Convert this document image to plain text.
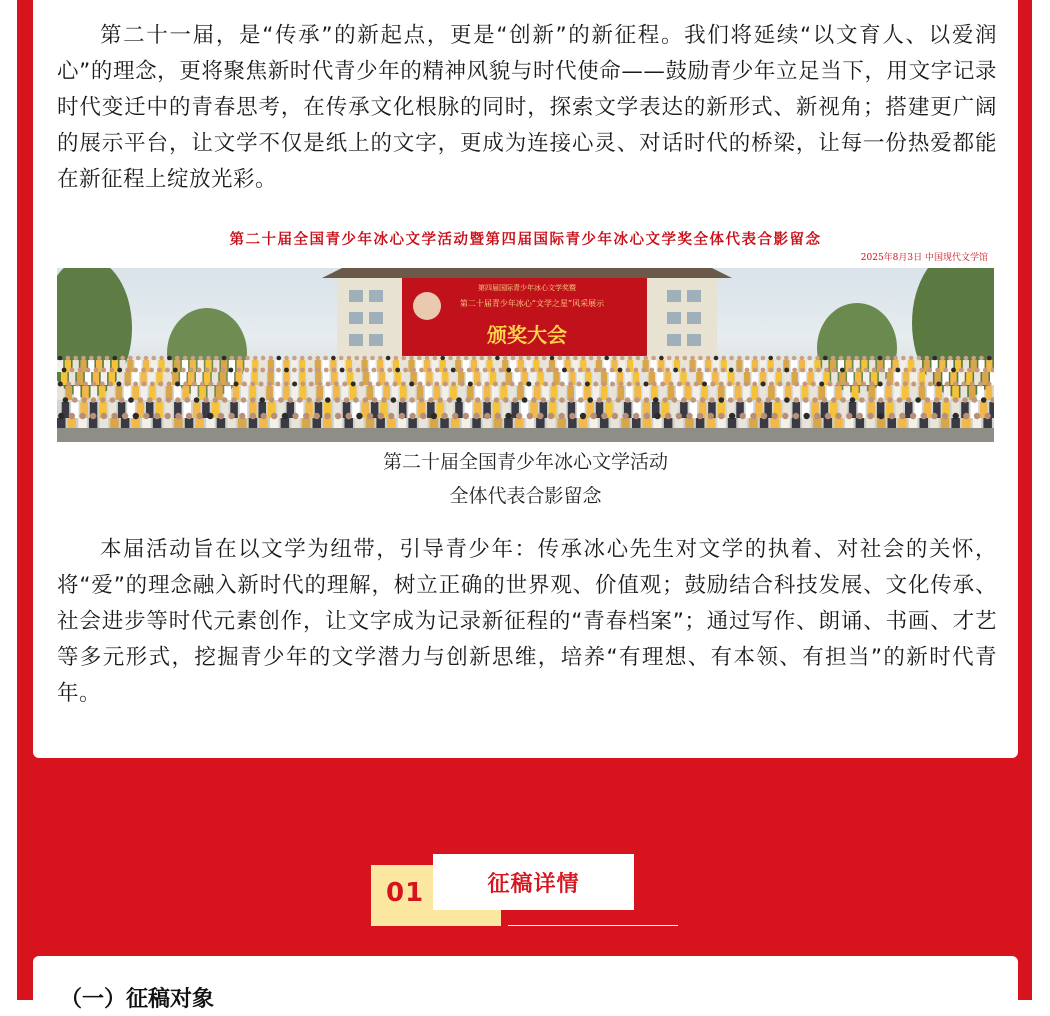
第二十一届，是“传承”的新起点，更是“创新”的新征程。我们将延续“以文育人、以爱润心”的理念，更将聚焦新时代青少年的精神风貌与时代使命——鼓励青少年立足当下，用文字记录时代变迁中的青春思考，在传承文化根脉的同时，探索文学表达的新形式、新视角；搭建更广阔的展示平台，让文学不仅是纸上的文字，更成为连接心灵、对话时代的桥梁，让每一份热爱都能在新征程上绽放光彩。

第二十届全国青少年冰心文学活动暨第四届国际青少年冰心文学奖全体代表合影留念
2025年8月3日 中国现代文学馆
第四届国际青少年冰心文学奖暨
第二十届青少年冰心“文学之星”风采展示
颁奖大会
第二十届全国青少年冰心文学活动
全体代表合影留念

本届活动旨在以文学为纽带，引导青少年：传承冰心先生对文学的执着、对社会的关怀，将“爱”的理念融入新时代的理解，树立正确的世界观、价值观；鼓励结合科技发展、文化传承、社会进步等时代元素创作，让文字成为记录新征程的“青春档案”；通过写作、朗诵、书画、才艺等多元形式，挖掘青少年的文学潜力与创新思维，培养“有理想、有本领、有担当”的新时代青年。

01	征稿详情
（一）征稿对象
